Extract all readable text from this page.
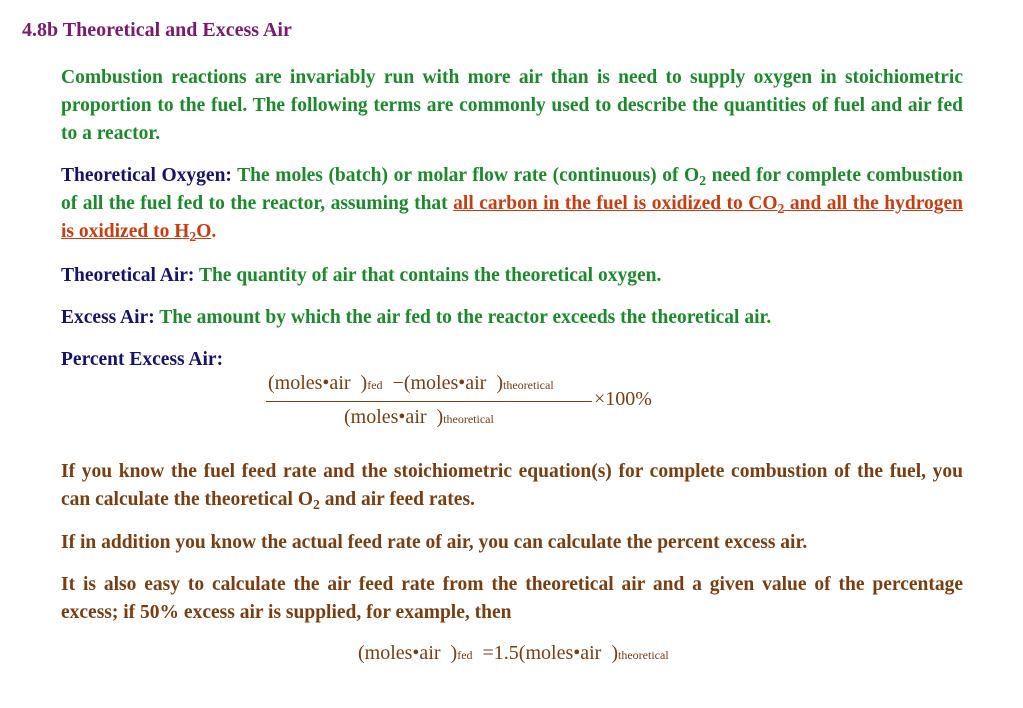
4.8b Theoretical and Excess Air
Combustion reactions are invariably run with more air than is need to supply oxygen in stoichiometric proportion to the fuel. The following terms are commonly used to describe the quantities of fuel and air fed to a reactor.
Theoretical Oxygen: The moles (batch) or molar flow rate (continuous) of $O_2$ need for complete combustion of all the fuel fed to the reactor, assuming that all carbon in the fuel is oxidized to $CO_2$ and all the hydrogen is oxidized to $H_2O$.
Theoretical Air: The quantity of air that contains the theoretical oxygen.
Excess Air: The amount by which the air fed to the reactor exceeds the theoretical air.
Percent Excess Air:
(moles•air )fed −(moles•air )theoretical
×100%
(moles•air )theoretical
If you know the fuel feed rate and the stoichiometric equation(s) for complete combustion of the fuel, you can calculate the theoretical $O_2$ and air feed rates.
If in addition you know the actual feed rate of air, you can calculate the percent excess air.
It is also easy to calculate the air feed rate from the theoretical air and a given value of the percentage excess; if 50% excess air is supplied, for example, then
(moles•air )fed =1.5(moles•air )theoretical
